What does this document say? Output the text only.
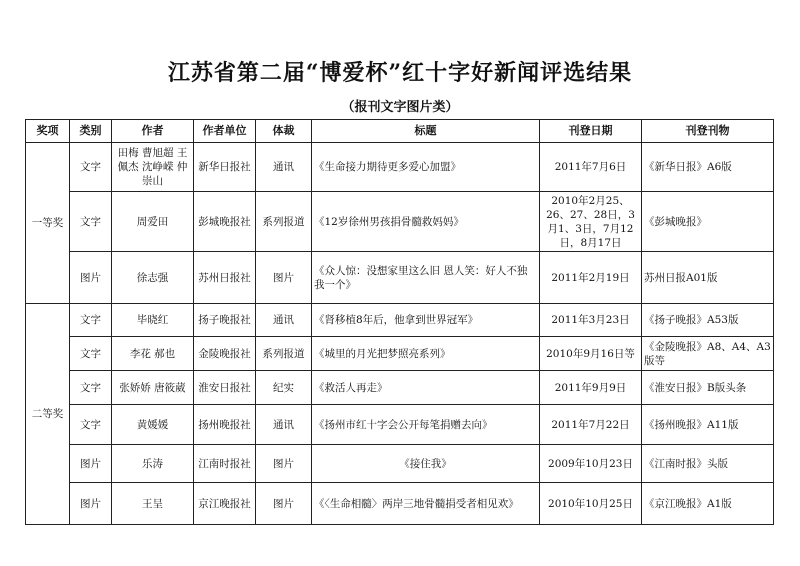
江苏省第二届“博爱杯”红十字好新闻评选结果
（报刊文字图片类）
奖项	类别	作者	作者单位	体裁	标题	刊登日期	刊登刊物
一等奖	文字	田梅 曹旭超 王佩杰 沈峥嵘 仲崇山	新华日报社	通讯	《生命接力期待更多爱心加盟》	2011年7月6日	《新华日报》A6版
	文字	周爱田	彭城晚报社	系列报道	《12岁徐州男孩捐骨髓救妈妈》	2010年2月25、26、27、28日，3月1、3日，7月12日，8月17日	《彭城晚报》
	图片	徐志强	苏州日报社	图片	《众人惊：没想家里这么旧 恩人笑：好人不独我一个》	2011年2月19日	苏州日报A01版
二等奖	文字	毕晓红	扬子晚报社	通讯	《肾移植8年后，他拿到世界冠军》	2011年3月23日	《扬子晚报》A53版
	文字	李花 郝也	金陵晚报社	系列报道	《城里的月光把梦照亮系列》	2010年9月16日等	《金陵晚报》A8、A4、A3版等
	文字	张娇娇 唐筱葳	淮安日报社	纪实	《救活人再走》	2011年9月9日	《淮安日报》B版头条
	文字	黄媛媛	扬州晚报社	通讯	《扬州市红十字会公开每笔捐赠去向》	2011年7月22日	《扬州晚报》A11版
	图片	乐涛	江南时报社	图片	《接住我》	2009年10月23日	《江南时报》头版
	图片	王呈	京江晚报社	图片	《〈生命相髓〉两岸三地骨髓捐受者相见欢》	2010年10月25日	《京江晚报》A1版
